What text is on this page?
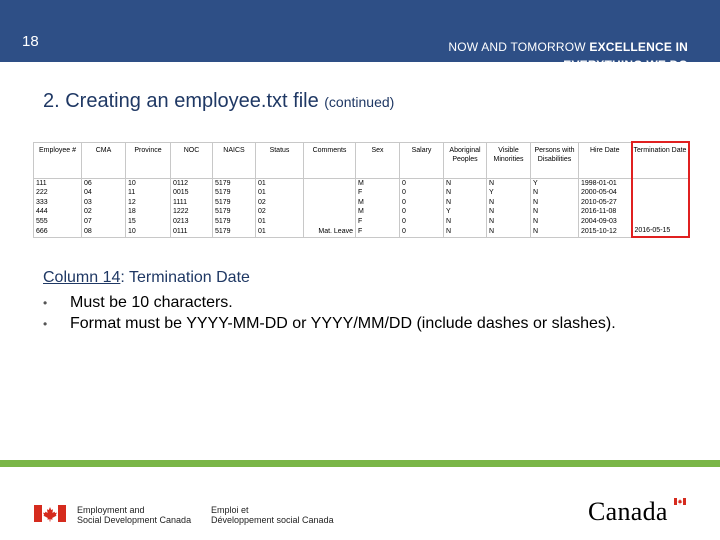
18	NOW AND TOMORROW EXCELLENCE IN EVERYTHING WE DO
2. Creating an employee.txt file (continued)
Employee #	CMA	Province	NOC	NAICS	Status	Comments	Sex	Salary	Aboriginal Peoples	Visible Minorities	Persons with Disabilities	Hire Date	Termination Date
111	06	10	0112	5179	01		M	0	N	N	Y	1998-01-01	
222	04	11	0015	5179	01		F	0	N	Y	N	2000-05-04	
333	03	12	1111	5179	02		M	0	N	N	N	2010-05-27	
444	02	18	1222	5179	02		M	0	Y	N	N	2016-11-08	
555	07	15	0213	5179	01		F	0	N	N	N	2004-09-03	
666	08	10	0111	5179	01	Mat. Leave	F	0	N	N	N	2015-10-12	2016-05-15
Column 14: Termination Date
• Must be 10 characters.
• Format must be YYYY-MM-DD or YYYY/MM/DD (include dashes or slashes).
Employment and
Social Development Canada
Emploi et
Développement social Canada	Canada
